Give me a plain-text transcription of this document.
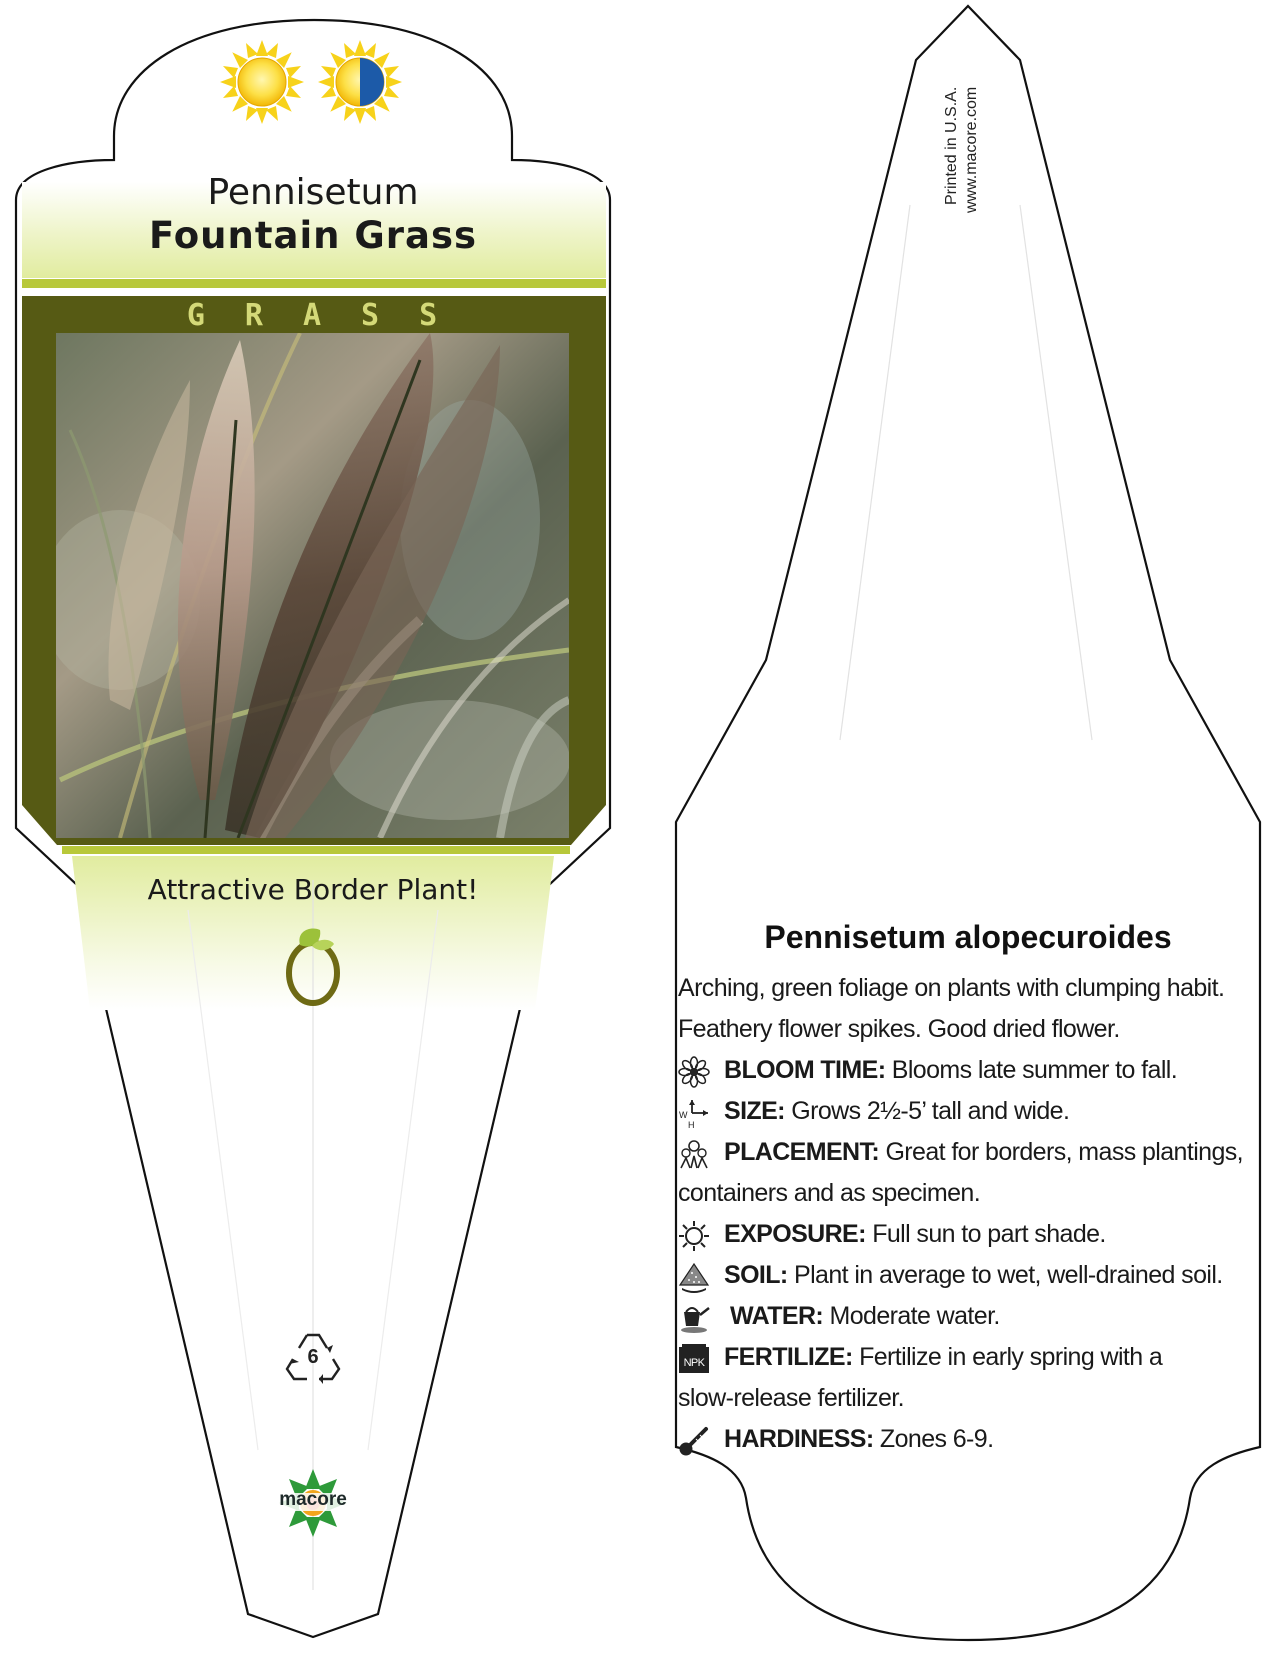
Pennisetum
Fountain Grass
GRASS
Attractive Border Plant!
6
macore
Printed in U.S.A. www.macore.com
Pennisetum alopecuroides
Arching, green foliage on plants with clumping habit.
Feathery flower spikes. Good dried flower.
BLOOM TIME: Blooms late summer to fall.
W
H SIZE: Grows 2½-5’ tall and wide.
PLACEMENT: Great for borders, mass plantings,
containers and as specimen.
EXPOSURE: Full sun to part shade.
SOIL: Plant in average to wet, well-drained soil.
WATER: Moderate water.
NPK FERTILIZE: Fertilize in early spring with a
slow-release fertilizer.
HARDINESS: Zones 6-9.
